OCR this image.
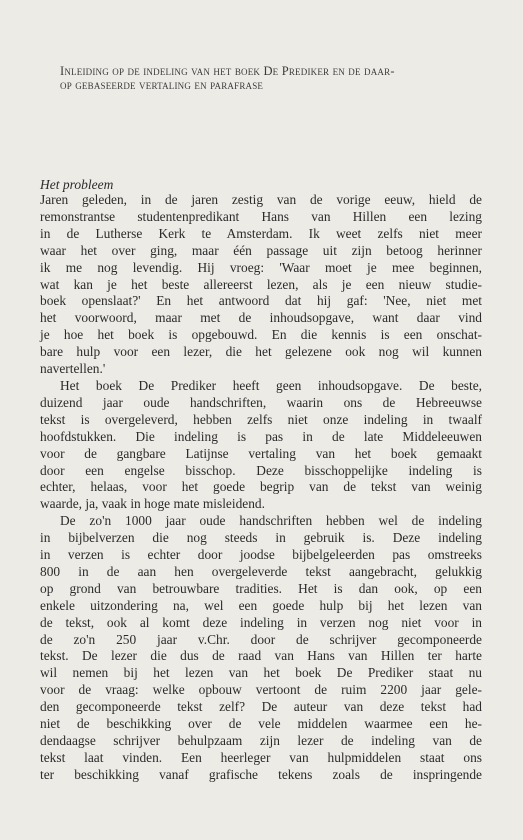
Inleiding op de indeling van het boek De Prediker en de daar-
op gebaseerde vertaling en parafrase
Het probleem
Jaren geleden, in de jaren zestig van de vorige eeuw, hield de
remonstrantse studentenpredikant Hans van Hillen een lezing
in de Lutherse Kerk te Amsterdam. Ik weet zelfs niet meer
waar het over ging, maar één passage uit zijn betoog herinner
ik me nog levendig. Hij vroeg: 'Waar moet je mee beginnen,
wat kan je het beste allereerst lezen, als je een nieuw studie-
boek openslaat?' En het antwoord dat hij gaf: 'Nee, niet met
het voorwoord, maar met de inhoudsopgave, want daar vind
je hoe het boek is opgebouwd. En die kennis is een onschat-
bare hulp voor een lezer, die het gelezene ook nog wil kunnen
navertellen.'
Het boek De Prediker heeft geen inhoudsopgave. De beste,
duizend jaar oude handschriften, waarin ons de Hebreeuwse
tekst is overgeleverd, hebben zelfs niet onze indeling in twaalf
hoofdstukken. Die indeling is pas in de late Middeleeuwen
voor de gangbare Latijnse vertaling van het boek gemaakt
door een engelse bisschop. Deze bisschoppelijke indeling is
echter, helaas, voor het goede begrip van de tekst van weinig
waarde, ja, vaak in hoge mate misleidend.
De zo'n 1000 jaar oude handschriften hebben wel de indeling
in bijbelverzen die nog steeds in gebruik is. Deze indeling
in verzen is echter door joodse bijbelgeleerden pas omstreeks
800 in de aan hen overgeleverde tekst aangebracht, gelukkig
op grond van betrouwbare tradities. Het is dan ook, op een
enkele uitzondering na, wel een goede hulp bij het lezen van
de tekst, ook al komt deze indeling in verzen nog niet voor in
de zo'n 250 jaar v.Chr. door de schrijver gecomponeerde
tekst. De lezer die dus de raad van Hans van Hillen ter harte
wil nemen bij het lezen van het boek De Prediker staat nu
voor de vraag: welke opbouw vertoont de ruim 2200 jaar gele-
den gecomponeerde tekst zelf? De auteur van deze tekst had
niet de beschikking over de vele middelen waarmee een he-
dendaagse schrijver behulpzaam zijn lezer de indeling van de
tekst laat vinden. Een heerleger van hulpmiddelen staat ons
ter beschikking vanaf grafische tekens zoals de inspringende
